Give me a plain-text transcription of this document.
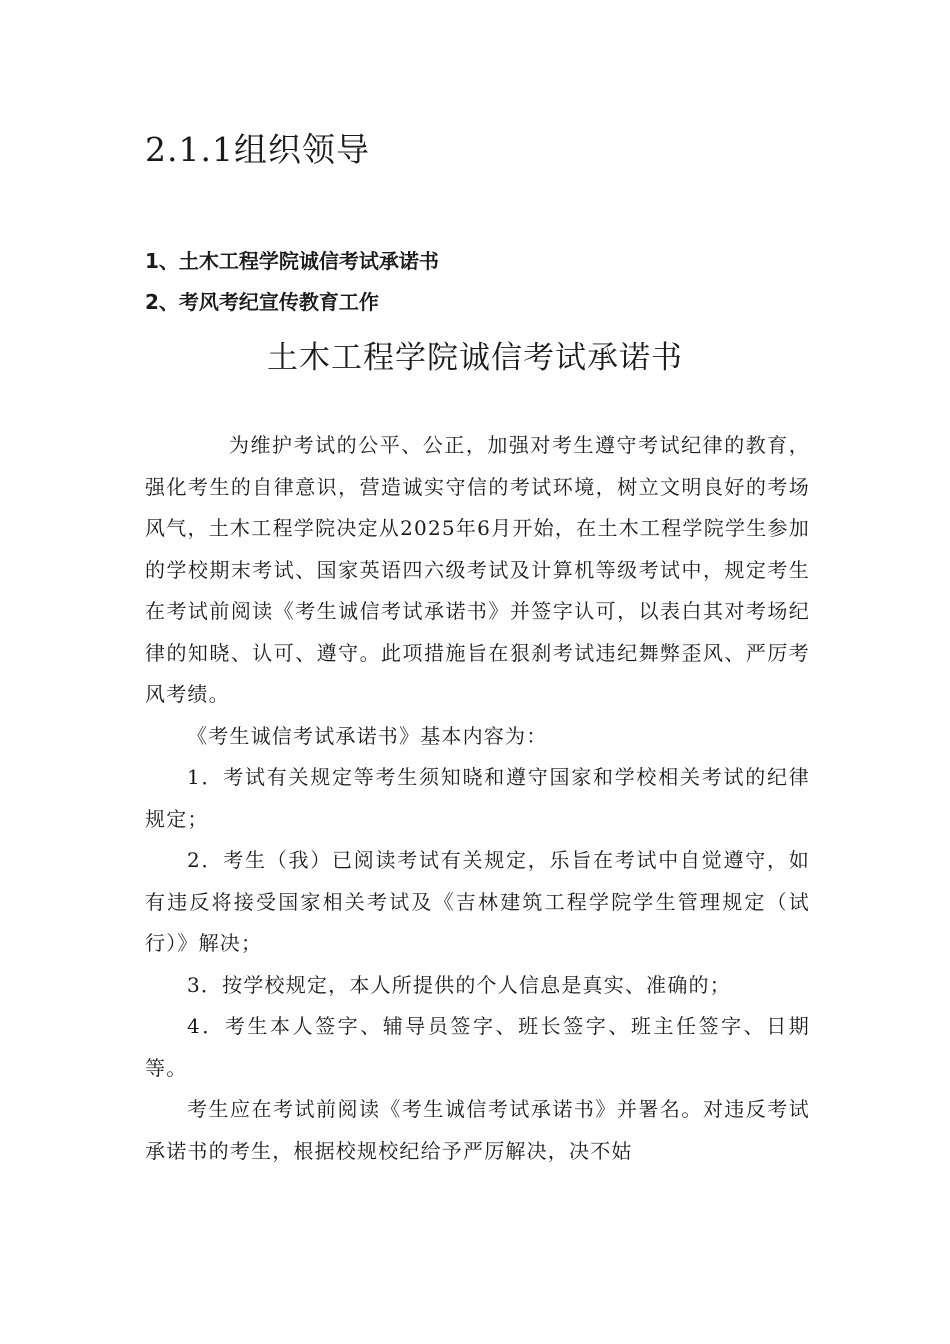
2.1.1组织领导
1、土木工程学院诚信考试承诺书
2、考风考纪宣传教育工作
土木工程学院诚信考试承诺书

为维护考试的公平、公正，加强对考生遵守考试纪律的教育，强化考生的自律意识，营造诚实守信的考试环境，树立文明良好的考场风气，土木工程学院决定从2025年6月开始，在土木工程学院学生参加的学校期末考试、国家英语四六级考试及计算机等级考试中，规定考生在考试前阅读《考生诚信考试承诺书》并签字认可，以表白其对考场纪律的知晓、认可、遵守。此项措施旨在狠刹考试违纪舞弊歪风、严厉考风考绩。

《考生诚信考试承诺书》基本内容为：

1．考试有关规定等考生须知晓和遵守国家和学校相关考试的纪律规定；

2．考生（我）已阅读考试有关规定，乐旨在考试中自觉遵守，如有违反将接受国家相关考试及《吉林建筑工程学院学生管理规定（试行）》解决；

3．按学校规定，本人所提供的个人信息是真实、准确的；

4．考生本人签字、辅导员签字、班长签字、班主任签字、日期等。

考生应在考试前阅读《考生诚信考试承诺书》并署名。对违反考试承诺书的考生，根据校规校纪给予严厉解决，决不姑
